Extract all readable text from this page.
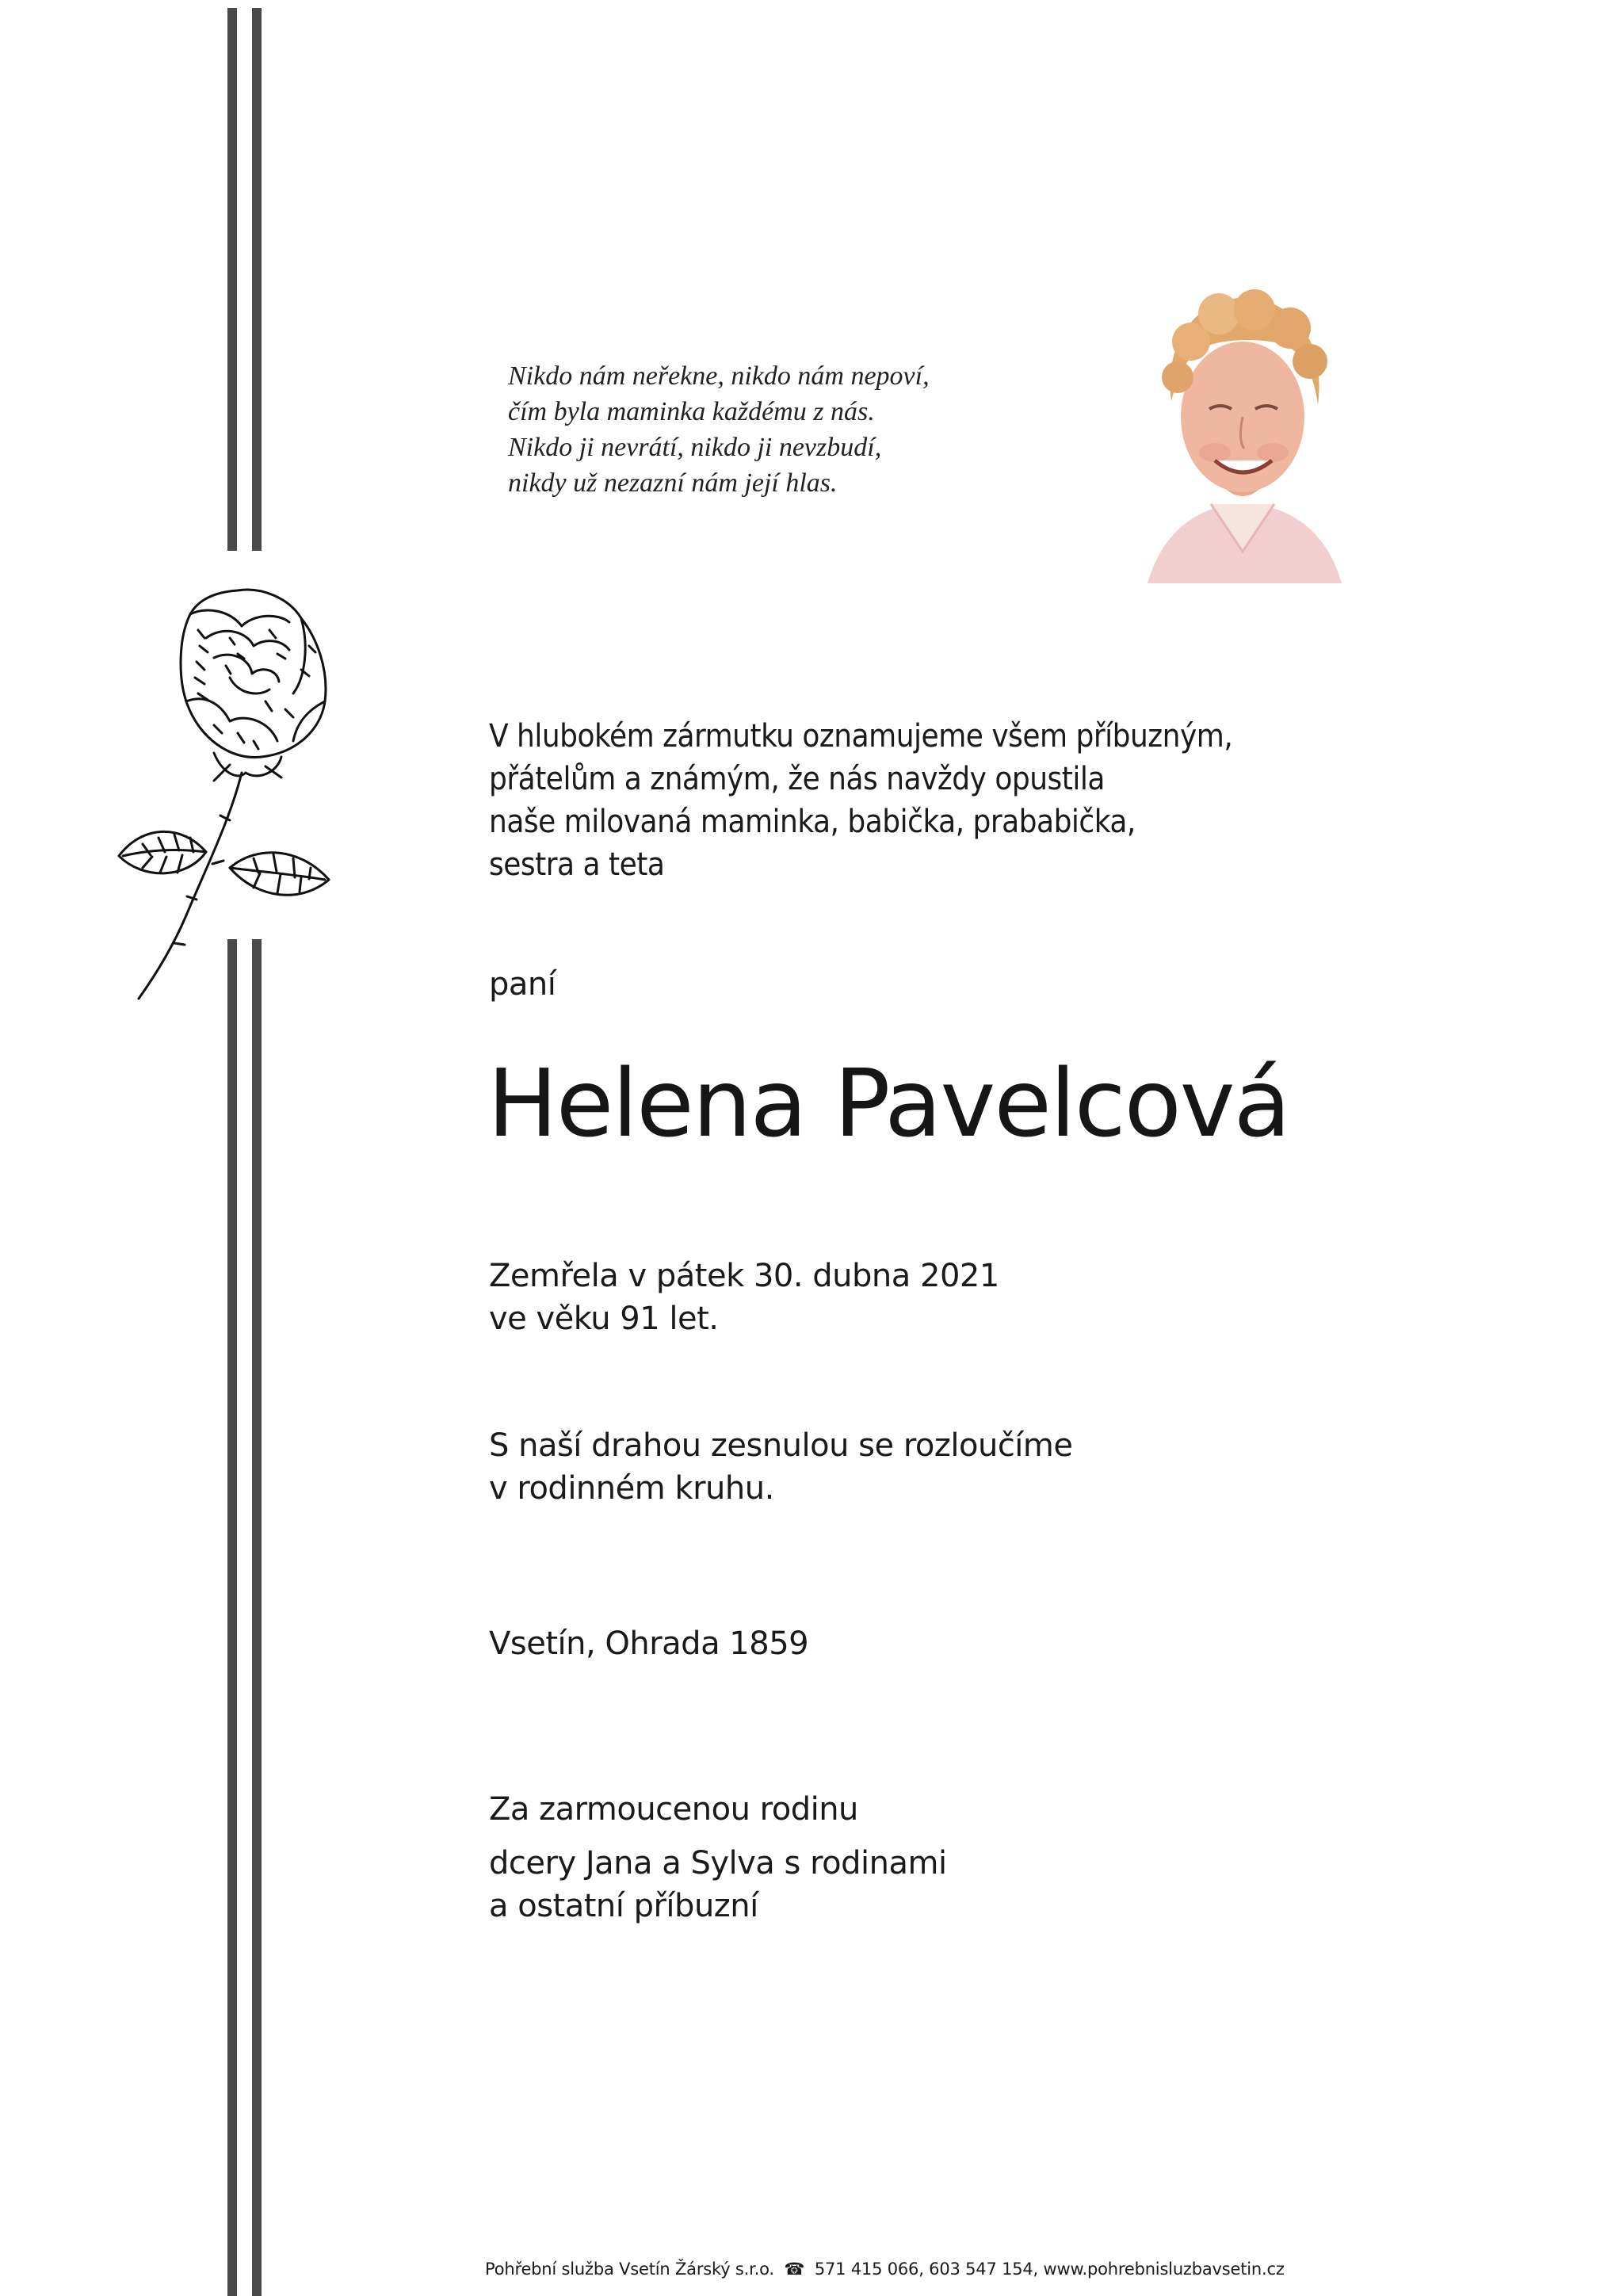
Nikdo nám neřekne, nikdo nám nepoví,
čím byla maminka každému z nás.
Nikdo ji nevrátí, nikdo ji nevzbudí,
nikdy už nezazní nám její hlas.
V hlubokém zármutku oznamujeme všem příbuzným,
přátelům a známým, že nás navždy opustila
naše milovaná maminka, babička, prababička,
sestra a teta
paní
Helena Pavelcová
Zemřela v pátek 30. dubna 2021
ve věku 91 let.
S naší drahou zesnulou se rozloučíme
v rodinném kruhu.
Vsetín, Ohrada 1859
Za zarmoucenou rodinu
dcery Jana a Sylva s rodinami
a ostatní příbuzní
Pohřební služba Vsetín Žárský s.r.o. ☎ 571 415 066, 603 547 154, www.pohrebnisluzbavsetin.cz
